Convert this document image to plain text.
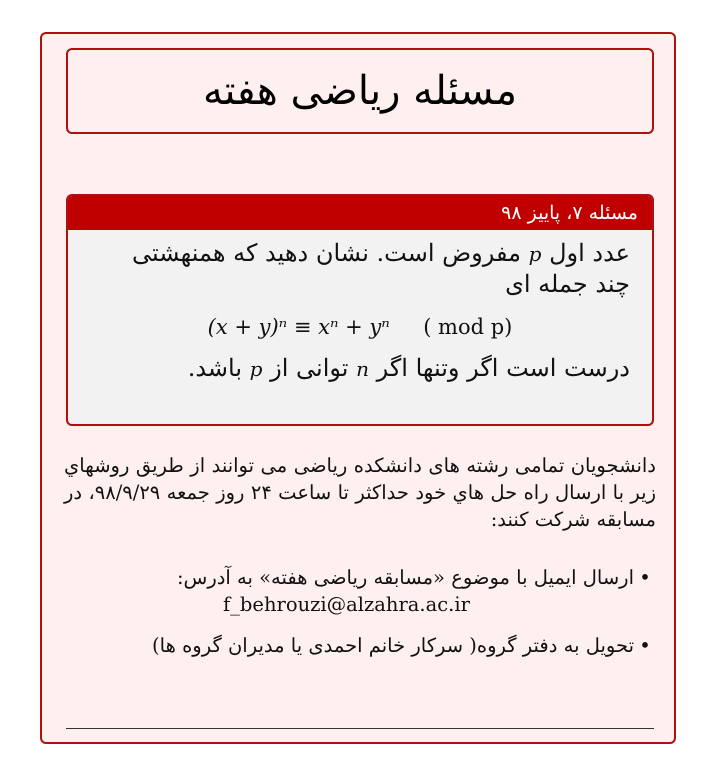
مسئله ریاضی هفته
مسئله ۷، پاییز ۹۸

عدد اول p مفروض است. نشان دهید که همنهشتی چند جمله ای

(x + y)ⁿ ≡ xⁿ + yⁿ ( mod p)

درست است اگر وتنها اگر n توانی از p باشد.

دانشجویان تمامی رشته های دانشکده ریاضی می توانند از طریق روشهاي زیر با ارسال راه حل هاي خود حداکثر تا ساعت ۲۴ روز جمعه ۹۸/۹/۲۹، در مسابقه شرکت کنند:

•
ارسال ایمیل با موضوع «مسابقه ریاضی هفته» به آدرس:
f_behrouzi@alzahra.ac.ir
•
تحویل به دفتر گروه( سرکار خانم احمدی یا مدیران گروه ها)
